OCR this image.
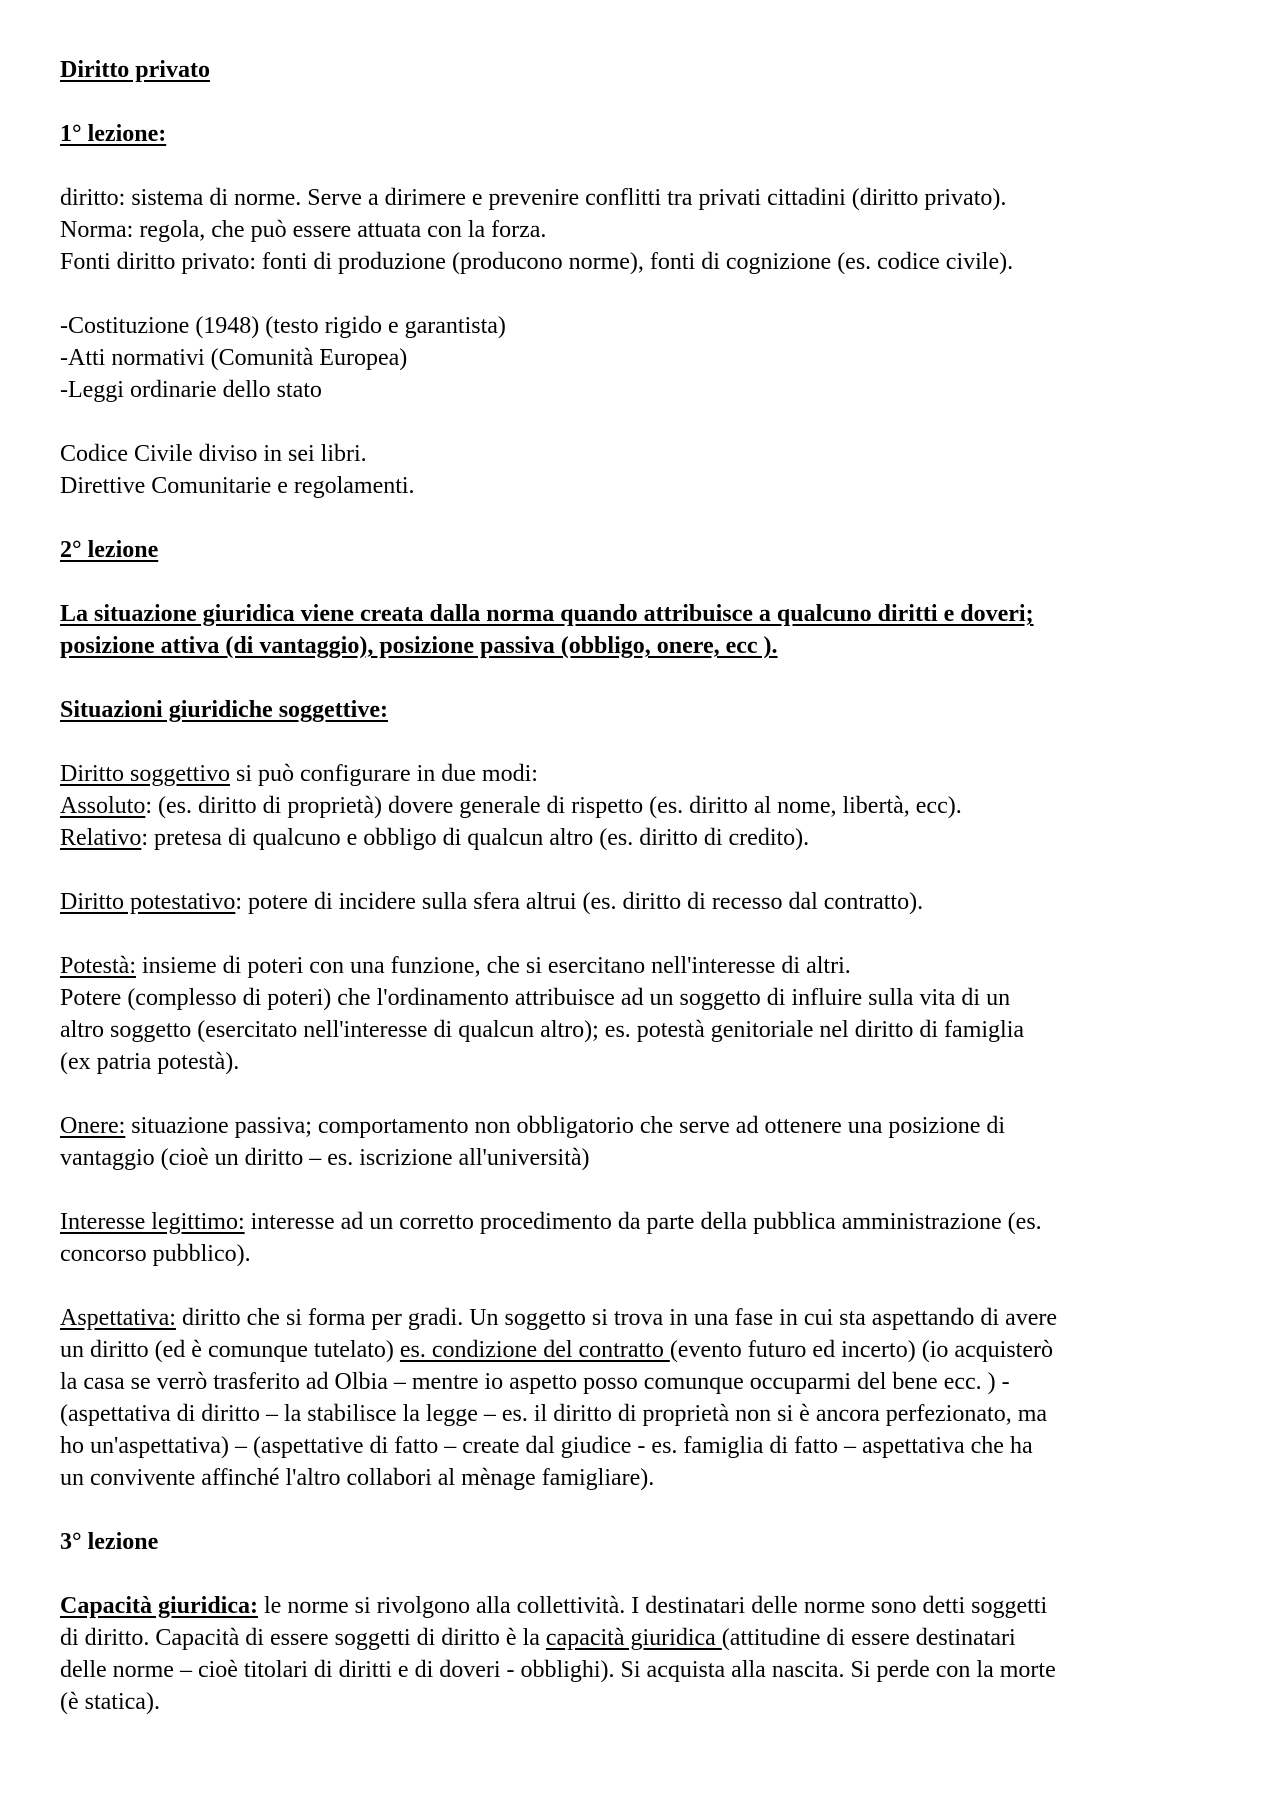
Diritto privato

1° lezione:

diritto: sistema di norme. Serve a dirimere e prevenire conflitti tra privati cittadini (diritto privato).

Norma: regola, che può essere attuata con la forza.

Fonti diritto privato: fonti di produzione (producono norme), fonti di cognizione (es. codice civile).

-Costituzione (1948) (testo rigido e garantista)

-Atti normativi (Comunità Europea)

-Leggi ordinarie dello stato

Codice Civile diviso in sei libri.

Direttive Comunitarie e regolamenti.

2° lezione

La situazione giuridica viene creata dalla norma quando attribuisce a qualcuno diritti e doveri;

posizione attiva (di vantaggio), posizione passiva (obbligo, onere, ecc ).

Situazioni giuridiche soggettive:

Diritto soggettivo si può configurare in due modi:

Assoluto: (es. diritto di proprietà) dovere generale di rispetto (es. diritto al nome, libertà, ecc).

Relativo: pretesa di qualcuno e obbligo di qualcun altro (es. diritto di credito).

Diritto potestativo: potere di incidere sulla sfera altrui (es. diritto di recesso dal contratto).

Potestà: insieme di poteri con una funzione, che si esercitano nell'interesse di altri.

Potere (complesso di poteri) che l'ordinamento attribuisce ad un soggetto di influire sulla vita di un

altro soggetto (esercitato nell'interesse di qualcun altro); es. potestà genitoriale nel diritto di famiglia

(ex patria potestà).

Onere: situazione passiva; comportamento non obbligatorio che serve ad ottenere una posizione di

vantaggio (cioè un diritto – es. iscrizione all'università)

Interesse legittimo: interesse ad un corretto procedimento da parte della pubblica amministrazione (es.

concorso pubblico).

Aspettativa: diritto che si forma per gradi. Un soggetto si trova in una fase in cui sta aspettando di avere

un diritto (ed è comunque tutelato) es. condizione del contratto (evento futuro ed incerto) (io acquisterò

la casa se verrò trasferito ad Olbia – mentre io aspetto posso comunque occuparmi del bene ecc. ) -

(aspettativa di diritto – la stabilisce la legge – es. il diritto di proprietà non si è ancora perfezionato, ma

ho un'aspettativa) – (aspettative di fatto – create dal giudice - es. famiglia di fatto – aspettativa che ha

un convivente affinché l'altro collabori al mènage famigliare).

3° lezione

Capacità giuridica: le norme si rivolgono alla collettività. I destinatari delle norme sono detti soggetti

di diritto. Capacità di essere soggetti di diritto è la capacità giuridica (attitudine di essere destinatari

delle norme – cioè titolari di diritti e di doveri - obblighi). Si acquista alla nascita. Si perde con la morte

(è statica).
